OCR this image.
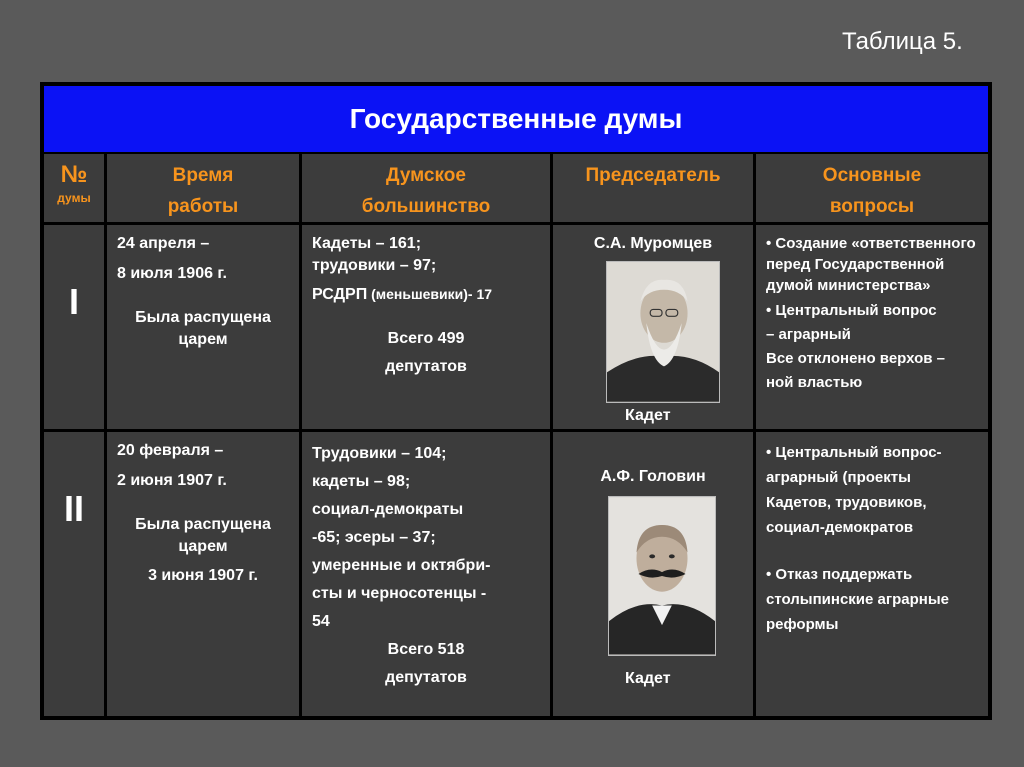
Таблица 5.
Государственные думы
№
думы
Время
работы
Думское
большинство
Председатель	Основные
вопросы
I
24 апреля –

8 июля 1906 г.
Была распущена
царем
Кадеты – 161;
трудовики – 97;

РСДРП (меньшевики)- 17
Всего 499
депутатов
С.А. Муромцев
Кадет
• Создание «ответственного перед Государственной думой министерства»

• Центральный вопрос

– аграрный

Все отклонено верхов –

ной властью
II
20 февраля –

2 июня 1907 г.
Была распущена
царем
3 июня 1907 г.
Трудовики – 104;
кадеты – 98;
социал-демократы
-65; эсеры – 37;
умеренные и октябри-
сты и черносотенцы -
54
Всего 518
депутатов
А.Ф. Головин
Кадет
• Центральный вопрос-аграрный (проекты Кадетов, трудовиков, социал-демократов
• Отказ поддержать столыпинские аграрные реформы
